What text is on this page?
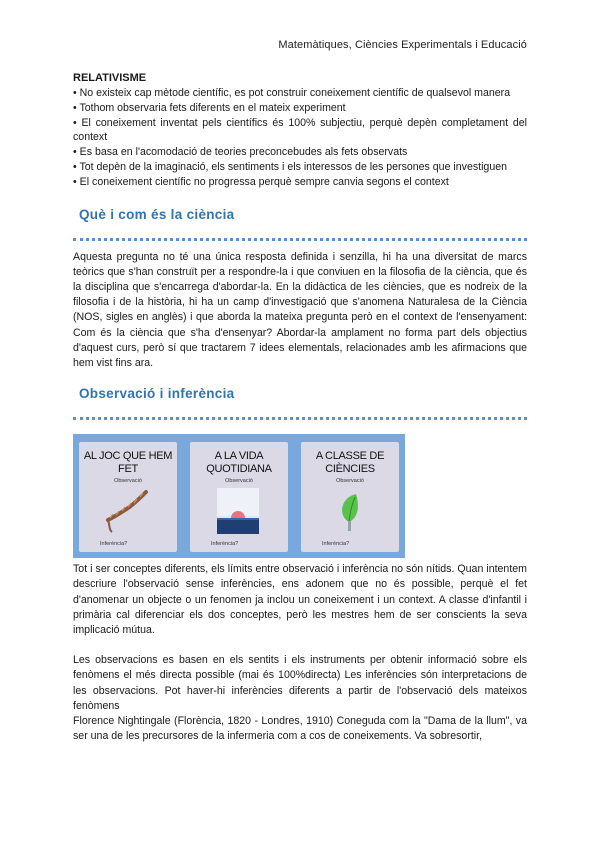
Matemàtiques, Ciències Experimentals i Educació

RELATIVISME

• No existeix cap mètode científic, es pot construir coneixement científic de qualsevol manera
• Tothom observaria fets diferents en el mateix experiment
• El coneixement inventat pels científics és 100% subjectiu, perquè depèn completament del context
• Es basa en l'acomodació de teories preconcebudes als fets observats
• Tot depèn de la imaginació, els sentiments i els interessos de les persones que investiguen
• El coneixement científic no progressa perquè sempre canvia segons el context
Què i com és la ciència

Aquesta pregunta no té una única resposta definida i senzilla, hi ha una diversitat de marcs teòrics que s'han construït per a respondre-la i que conviuen en la filosofia de la ciència, que és la disciplina que s'encarrega d'abordar-la. En la didàctica de les ciències, que es nodreix de la filosofia i de la història, hi ha un camp d'investigació que s'anomena Naturalesa de la Ciència (NOS, sigles en anglès) i que aborda la mateixa pregunta però en el context de l'ensenyament: Com és la ciència que s'ha d'ensenyar? Abordar-la amplament no forma part dels objectius d'aquest curs, però sí que tractarem 7 idees elementals, relacionades amb les afirmacions que hem vist fins ara.

Observació i inferència
AL JOC QUE HEM FET
Observació
Inferència?
A LA VIDA QUOTIDIANA
Observació
Inferència?
A CLASSE DE CIÈNCIES
Observació
Inferència?

Tot i ser conceptes diferents, els límits entre observació i inferència no són nítids. Quan intentem descriure l'observació sense inferències, ens adonem que no és possible, perquè el fet d'anomenar un objecte o un fenomen ja inclou un coneixement i un context. A classe d'infantil i primària cal diferenciar els dos conceptes, però les mestres hem de ser conscients la seva implicació mútua.

Les observacions es basen en els sentits i els instruments per obtenir informació sobre els fenòmens el més directa possible (mai és 100%directa) Les inferències són interpretacions de les observacions. Pot haver-hi inferències diferents a partir de l'observació dels mateixos fenòmens

Florence Nightingale (Florència, 1820 - Londres, 1910) Coneguda com la "Dama de la llum", va ser una de les precursores de la infermeria com a cos de coneixements. Va sobresortir,
